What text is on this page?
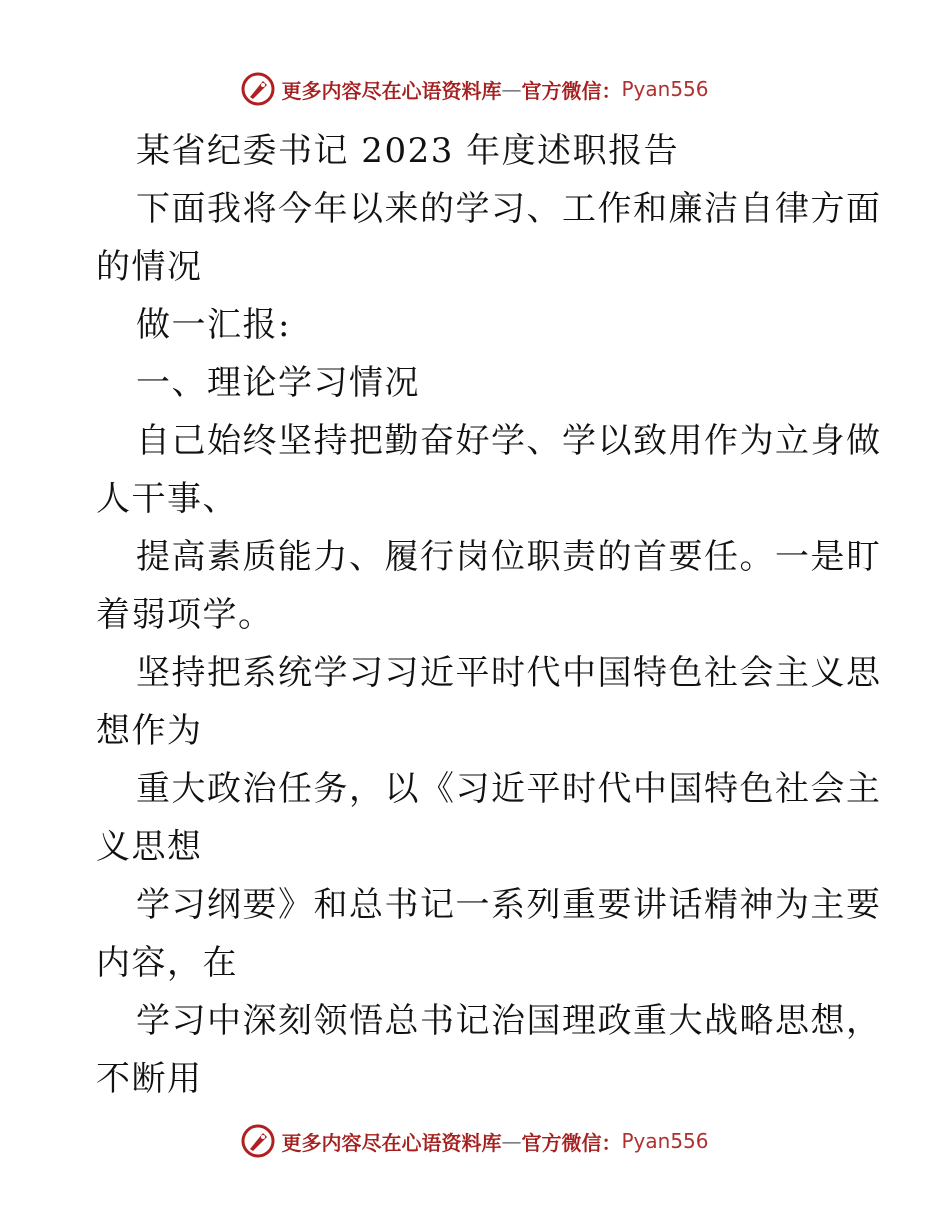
更多内容尽在心语资料库 — 官方微信： Pyan556
某省纪委书记 2023 年度述职报告
下面我将今年以来的学习、工作和廉洁自律方面
的情况
做一汇报:
一、理论学习情况
自己始终坚持把勤奋好学、学以致用作为立身做
人干事、
提高素质能力、履行岗位职责的首要任。一是盯
着弱项学。
坚持把系统学习习近平时代中国特色社会主义思
想作为
重大政治任务，以《习近平时代中国特色社会主
义思想
学习纲要》和总书记一系列重要讲话精神为主要
内容，在
学习中深刻领悟总书记治国理政重大战略思想，
不断用
更多内容尽在心语资料库 — 官方微信： Pyan556
